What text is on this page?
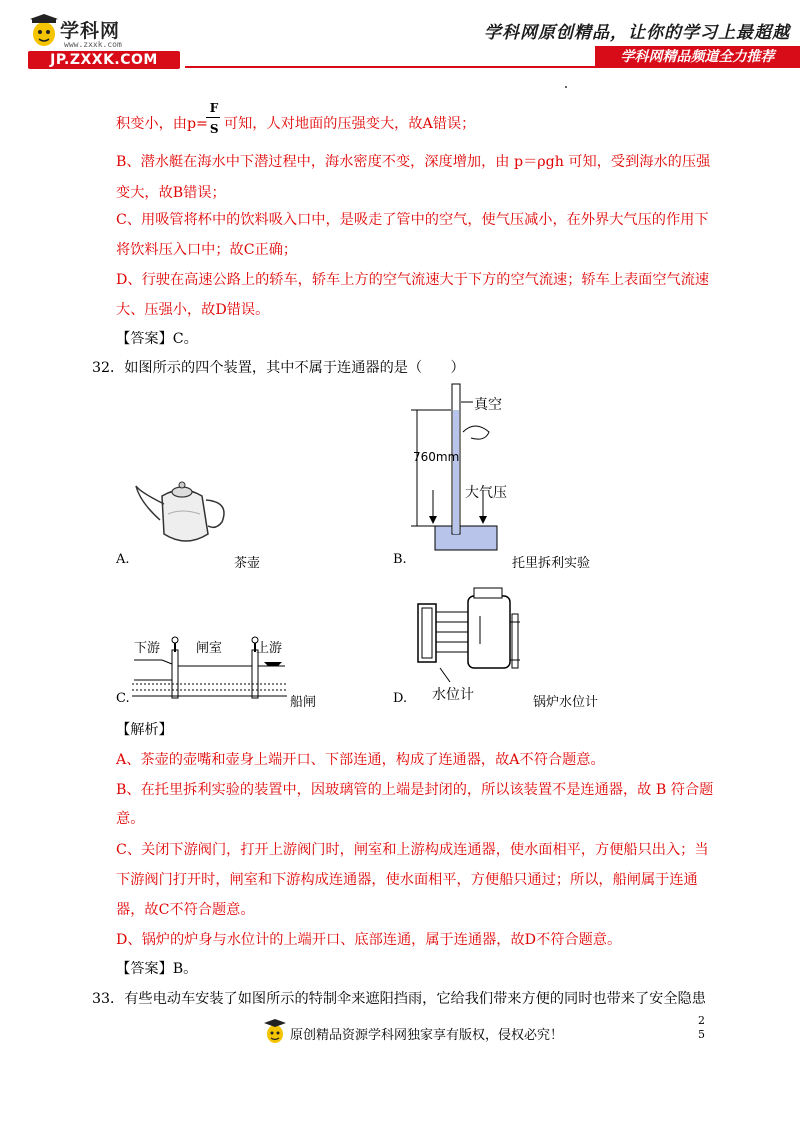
学科网
www.zxxk.com
JP.ZXXK.COM
学科网原创精品，让你的学习上最超越
学科网精品频道全力推荐
F
积变小，由p= S 可知，人对地面的压强变大，故A错误；
B、潜水艇在海水中下潜过程中，海水密度不变，深度增加，由 p＝ρgh 可知，受到海水的压强
变大，故B错误；
C、用吸管将杯中的饮料吸入口中，是吸走了管中的空气，使气压减小，在外界大气压的作用下
将饮料压入口中；故C正确；
D、行驶在高速公路上的轿车，轿车上方的空气流速大于下方的空气流速；轿车上表面空气流速
大、压强小，故D错误。
【答案】C。
32．如图所示的四个装置，其中不属于连通器的是（　　）
A.	茶壶
真空
760mm
大气压
B.	托里拆利实验
下游	闸室	上游
C.	船闸	水位计
D.	锅炉水位计
【解析】
A、茶壶的壶嘴和壶身上端开口、下部连通，构成了连通器，故A不符合题意。
B、在托里拆利实验的装置中，因玻璃管的上端是封闭的，所以该装置不是连通器，故 B 符合题
意。
C、关闭下游阀门，打开上游阀门时，闸室和上游构成连通器，使水面相平，方便船只出入；当
下游阀门打开时，闸室和下游构成连通器，使水面相平，方便船只通过；所以，船闸属于连通
器，故C不符合题意。
D、锅炉的炉身与水位计的上端开口、底部连通，属于连通器，故D不符合题意。
【答案】B。
33．有些电动车安装了如图所示的特制伞来遮阳挡雨，它给我们带来方便的同时也带来了安全隐患
原创精品资源学科网独家享有版权，侵权必究！
2
5
